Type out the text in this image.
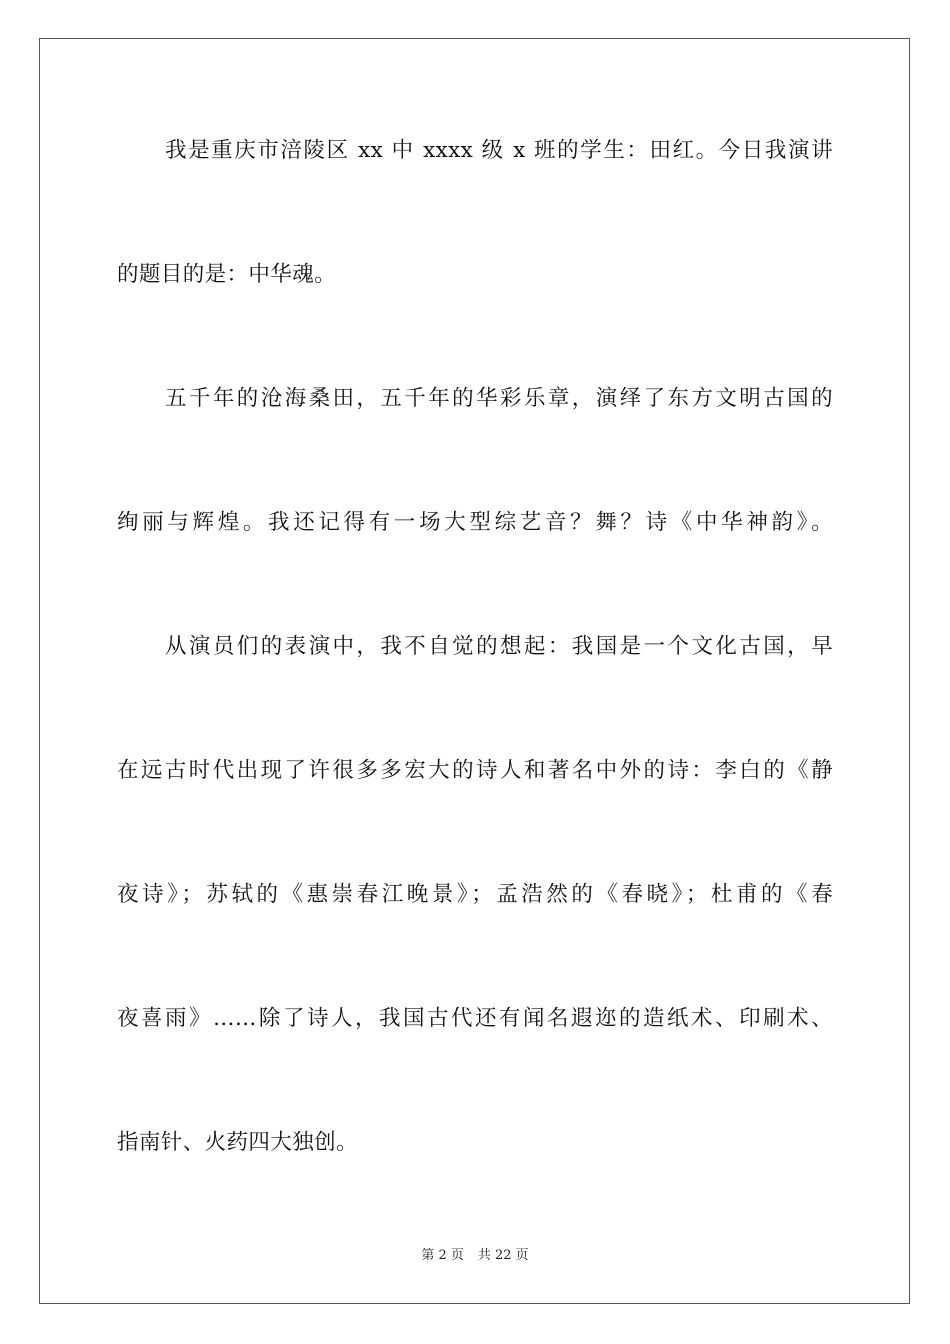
我是重庆市涪陵区 xx 中 xxxx 级 x 班的学生：田红。今日我演讲
的题目的是：中华魂。
五千年的沧海桑田，五千年的华彩乐章，演绎了东方文明古国的
绚丽与辉煌。我还记得有一场大型综艺音？舞？诗《中华神韵》。
从演员们的表演中，我不自觉的想起：我国是一个文化古国，早
在远古时代出现了许很多多宏大的诗人和著名中外的诗：李白的《静
夜诗》；苏轼的《惠崇春江晚景》；孟浩然的《春晓》；杜甫的《春
夜喜雨》……除了诗人，我国古代还有闻名遐迩的造纸术、印刷术、
指南针、火药四大独创。
第 2 页 共 22 页
